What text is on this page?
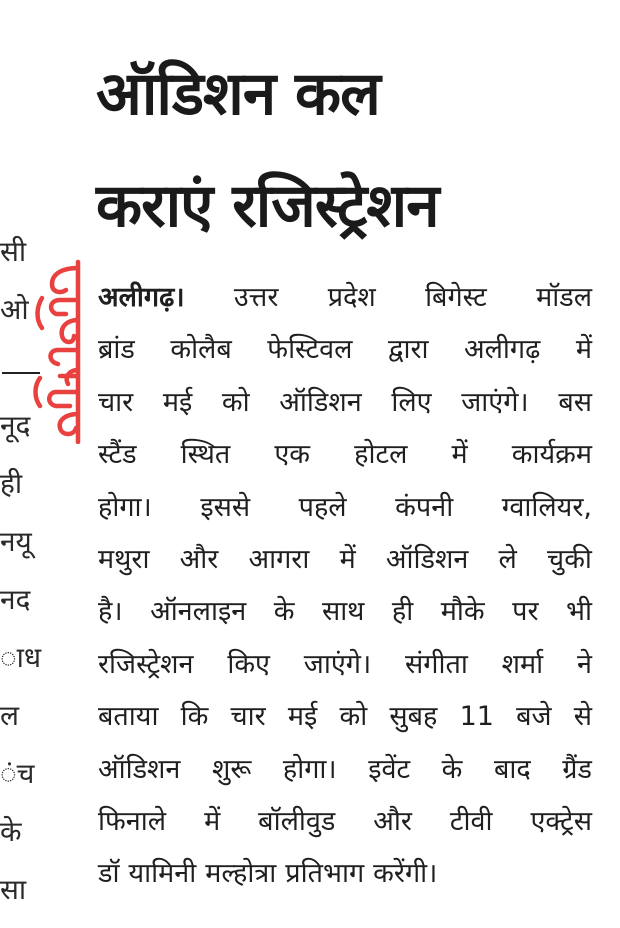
ऑडिशन कल
कराएं रजिस्ट्रेशन
सी
ओ
नूद
ही
नयू
नद
ाध
ल
ंच
के
सा
अलीगढ़। उत्तर प्रदेश बिगेस्ट मॉडल
ब्रांड कोलैब फेस्टिवल द्वारा अलीगढ़ में
चार मई को ऑडिशन लिए जाएंगे। बस
स्टैंड स्थित एक होटल में कार्यक्रम
होगा। इससे पहले कंपनी ग्वालियर,
मथुरा और आगरा में ऑडिशन ले चुकी
है। ऑनलाइन के साथ ही मौके पर भी
रजिस्ट्रेशन किए जाएंगे। संगीता शर्मा ने
बताया कि चार मई को सुबह 11 बजे से
ऑडिशन शुरू होगा। इवेंट के बाद ग्रैंड
फिनाले में बॉलीवुड और टीवी एक्ट्रेस
डॉ यामिनी मल्होत्रा प्रतिभाग करेंगी।
